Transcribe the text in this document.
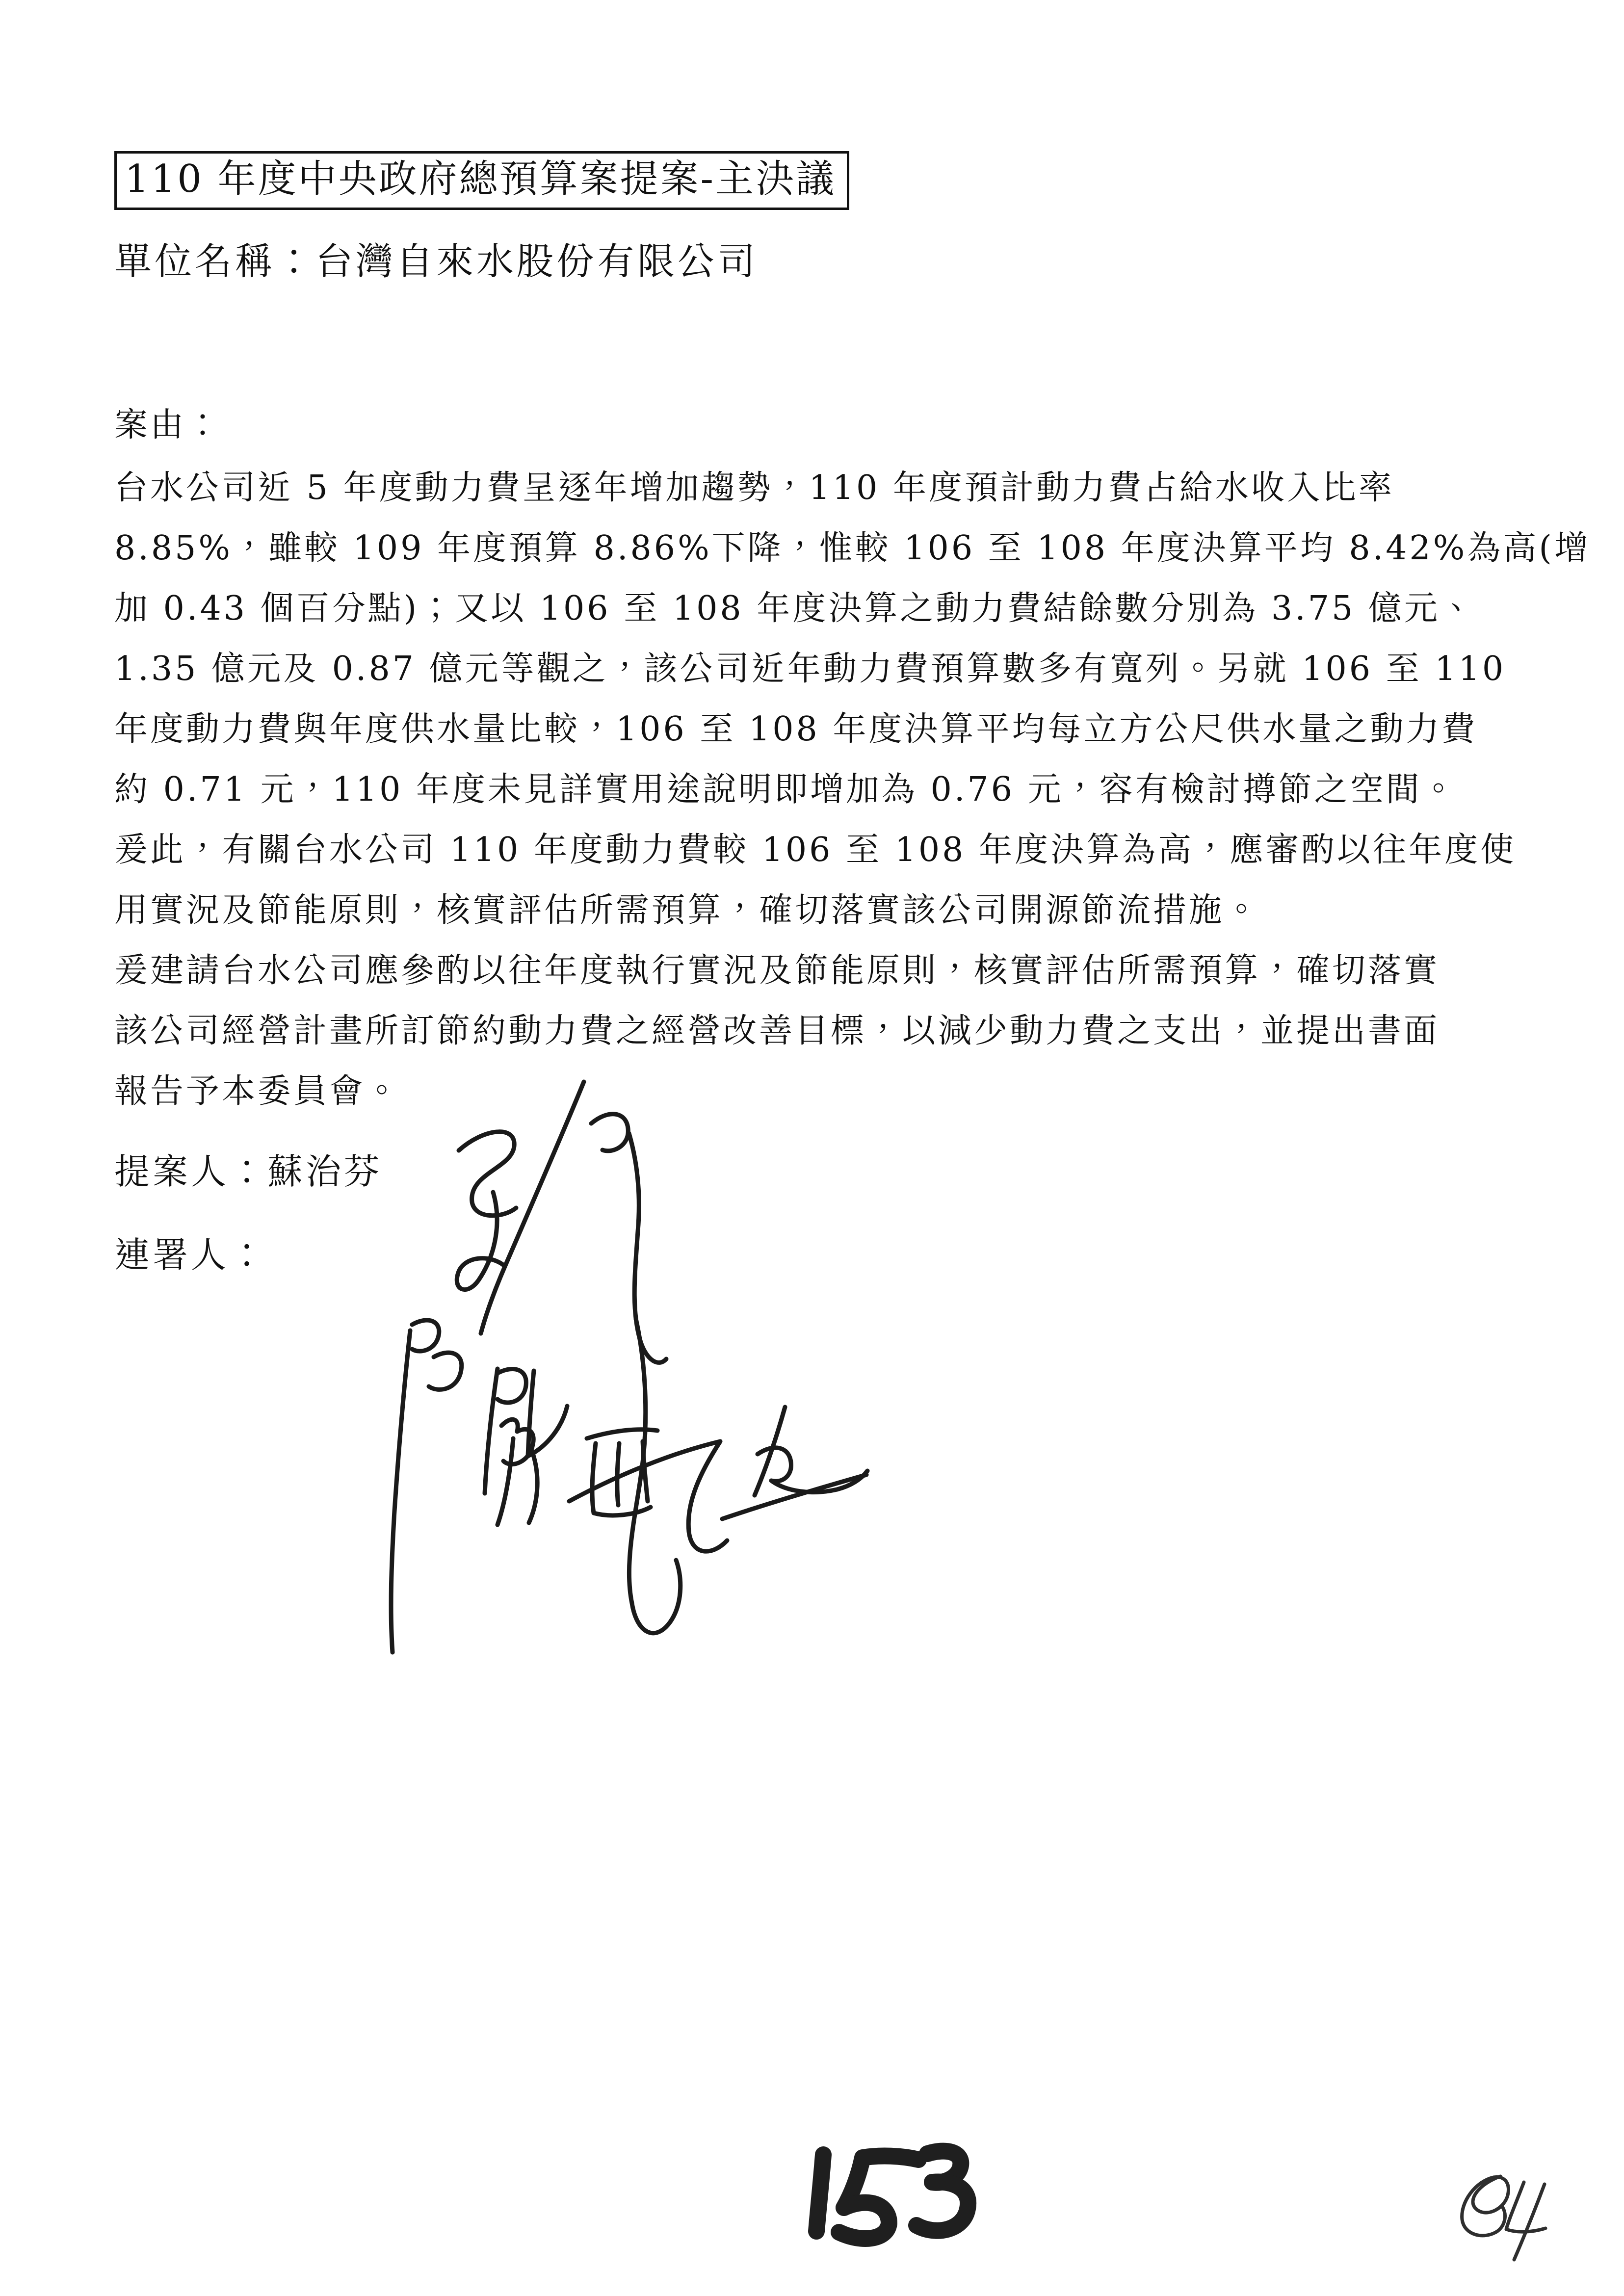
110 年度中央政府總預算案提案-主決議
單位名稱：台灣自來水股份有限公司
案由：
台水公司近 5 年度動力費呈逐年增加趨勢，110 年度預計動力費占給水收入比率
8.85%，雖較 109 年度預算 8.86%下降，惟較 106 至 108 年度決算平均 8.42%為高(增
加 0.43 個百分點)；又以 106 至 108 年度決算之動力費結餘數分別為 3.75 億元、
1.35 億元及 0.87 億元等觀之，該公司近年動力費預算數多有寬列。另就 106 至 110
年度動力費與年度供水量比較，106 至 108 年度決算平均每立方公尺供水量之動力費
約 0.71 元，110 年度未見詳實用途說明即增加為 0.76 元，容有檢討撙節之空間。
爰此，有關台水公司 110 年度動力費較 106 至 108 年度決算為高，應審酌以往年度使
用實況及節能原則，核實評估所需預算，確切落實該公司開源節流措施。
爰建請台水公司應參酌以往年度執行實況及節能原則，核實評估所需預算，確切落實
該公司經營計畫所訂節約動力費之經營改善目標，以減少動力費之支出，並提出書面
報告予本委員會。
提案人：蘇治芬
連署人：
